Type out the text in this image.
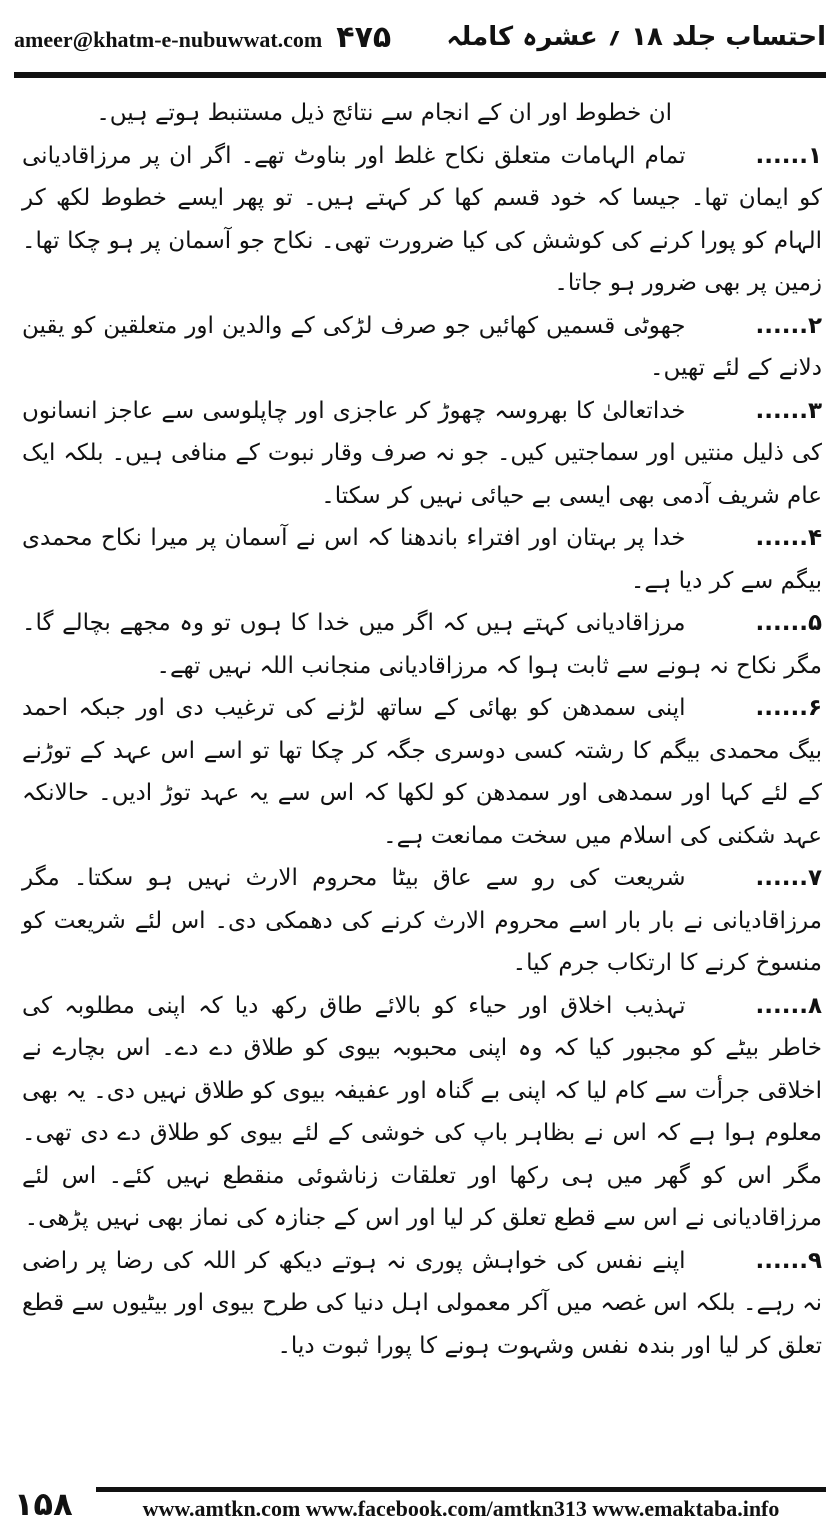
ameer@khatm-e-nubuwwat.com ۴۷۵ احتساب جلد ۱۸ ؍ عشرہ کاملہ

ان خطوط اور ان کے انجام سے نتائج ذیل مستنبط ہوتے ہیں۔

۱......تمام الہامات متعلق نکاح غلط اور بناوٹ تھے۔ اگر ان پر مرزاقادیانی کو ایمان تھا۔ جیسا کہ خود قسم کھا کر کہتے ہیں۔ تو پھر ایسے خطوط لکھ کر الہام کو پورا کرنے کی کوشش کی کیا ضرورت تھی۔ نکاح جو آسمان پر ہو چکا تھا۔ زمین پر بھی ضرور ہو جاتا۔

۲......جھوٹی قسمیں کھائیں جو صرف لڑکی کے والدین اور متعلقین کو یقین دلانے کے لئے تھیں۔

۳......خداتعالیٰ کا بھروسہ چھوڑ کر عاجزی اور چاپلوسی سے عاجز انسانوں کی ذلیل منتیں اور سماجتیں کیں۔ جو نہ صرف وقار نبوت کے منافی ہیں۔ بلکہ ایک عام شریف آدمی بھی ایسی بے حیائی نہیں کر سکتا۔

۴......خدا پر بہتان اور افتراء باندھنا کہ اس نے آسمان پر میرا نکاح محمدی بیگم سے کر دیا ہے۔

۵......مرزاقادیانی کہتے ہیں کہ اگر میں خدا کا ہوں تو وہ مجھے بچالے گا۔ مگر نکاح نہ ہونے سے ثابت ہوا کہ مرزاقادیانی منجانب اللہ نہیں تھے۔

۶......اپنی سمدھن کو بھائی کے ساتھ لڑنے کی ترغیب دی اور جبکہ احمد بیگ محمدی بیگم کا رشتہ کسی دوسری جگہ کر چکا تھا تو اسے اس عہد کے توڑنے کے لئے کہا اور سمدھی اور سمدھن کو لکھا کہ اس سے یہ عہد توڑ ادیں۔ حالانکہ عہد شکنی کی اسلام میں سخت ممانعت ہے۔

۷......شریعت کی رو سے عاق بیٹا محروم الارث نہیں ہو سکتا۔ مگر مرزاقادیانی نے بار بار اسے محروم الارث کرنے کی دھمکی دی۔ اس لئے شریعت کو منسوخ کرنے کا ارتکاب جرم کیا۔

۸......تہذیب اخلاق اور حیاء کو بالائے طاق رکھ دیا کہ اپنی مطلوبہ کی خاطر بیٹے کو مجبور کیا کہ وہ اپنی محبوبہ بیوی کو طلاق دے دے۔ اس بچارے نے اخلاقی جرأت سے کام لیا کہ اپنی بے گناہ اور عفیفہ بیوی کو طلاق نہیں دی۔ یہ بھی معلوم ہوا ہے کہ اس نے بظاہر باپ کی خوشی کے لئے بیوی کو طلاق دے دی تھی۔ مگر اس کو گھر میں ہی رکھا اور تعلقات زناشوئی منقطع نہیں کئے۔ اس لئے مرزاقادیانی نے اس سے قطع تعلق کر لیا اور اس کے جنازہ کی نماز بھی نہیں پڑھی۔

۹......اپنے نفس کی خواہش پوری نہ ہوتے دیکھ کر اللہ کی رضا پر راضی نہ رہے۔ بلکہ اس غصہ میں آکر معمولی اہل دنیا کی طرح بیوی اور بیٹیوں سے قطع تعلق کر لیا اور بندہ نفس وشہوت ہونے کا پورا ثبوت دیا۔

۱۵۸	www.amtkn.com www.facebook.com/amtkn313 www.emaktaba.info
